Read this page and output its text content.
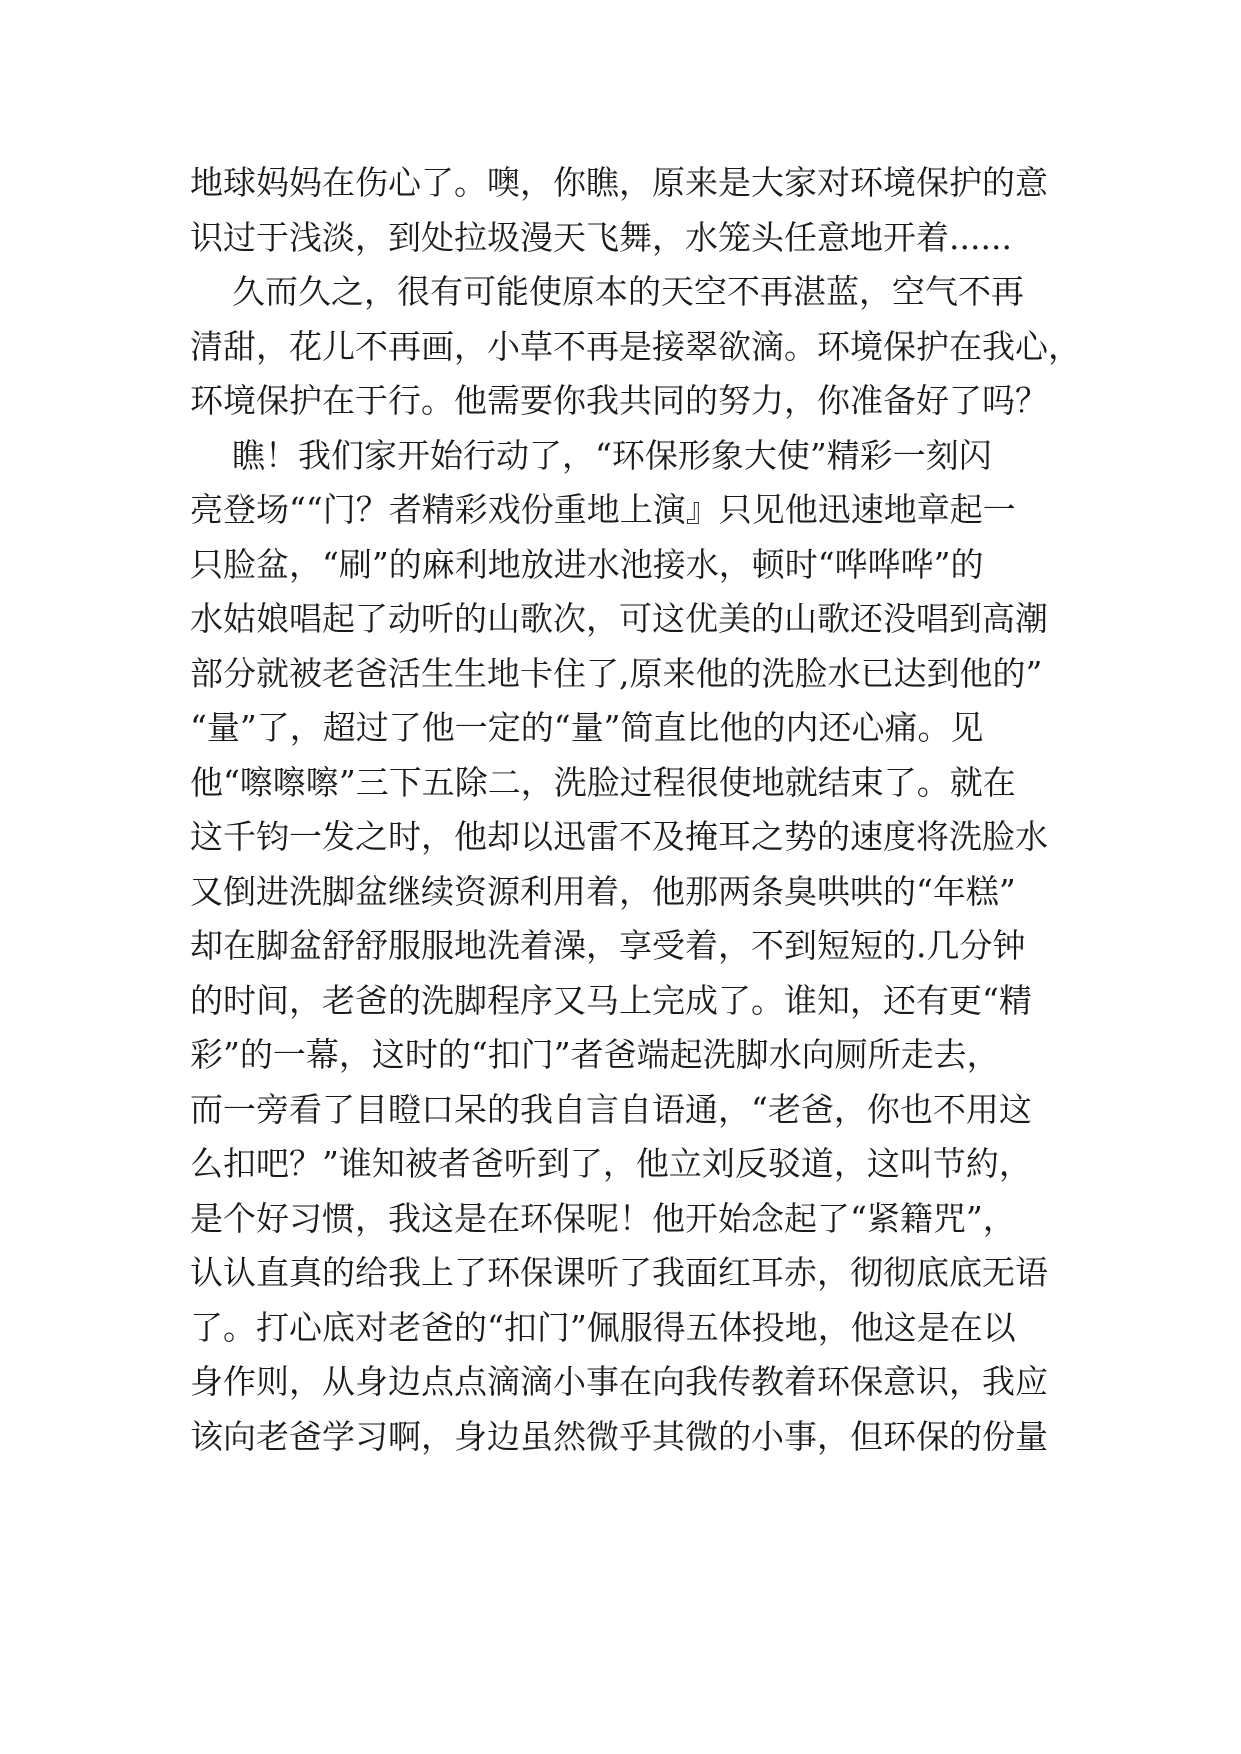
地球妈妈在伤心了。噢，你瞧，原来是大家对环境保护的意
识过于浅淡，到处拉圾漫天飞舞，水笼头任意地开着......
久而久之，很有可能使原本的天空不再湛蓝，空气不再
清甜，花儿不再画，小草不再是接翠欲滴。环境保护在我心，
环境保护在于行。他需要你我共同的努力，你准备好了吗？
瞧！我们家开始行动了，“环保形象大使”精彩一刻闪
亮登场““门？者精彩戏份重地上演』只见他迅速地章起一
只脸盆，“刷”的麻利地放进水池接水，顿时“哗哗哗”的
水姑娘唱起了动听的山歌次，可这优美的山歌还没唱到高潮
部分就被老爸活生生地卡住了,原来他的洗脸水已达到他的”
“量”了，超过了他一定的“量”简直比他的内还心痛。见
他“嚓嚓嚓”三下五除二，洗脸过程很使地就结束了。就在
这千钧一发之时，他却以迅雷不及掩耳之势的速度将洗脸水
又倒进洗脚盆继续资源利用着，他那两条臭哄哄的“年糕”
却在脚盆舒舒服服地洗着澡，享受着，不到短短的.几分钟
的时间，老爸的洗脚程序又马上完成了。谁知，还有更“精
彩”的一幕，这时的“扣门”者爸端起洗脚水向厕所走去，
而一旁看了目瞪口呆的我自言自语通，“老爸，你也不用这
么扣吧？”谁知被者爸听到了，他立刘反驳道，这叫节約，
是个好习惯，我这是在环保呢！他开始念起了“紧籍咒”，
认认直真的给我上了环保课听了我面红耳赤，彻彻底底无语
了。打心底对老爸的“扣门”佩服得五体投地，他这是在以
身作则，从身边点点滴滴小事在向我传教着环保意识，我应
该向老爸学习啊，身边虽然微乎其微的小事，但环保的份量
